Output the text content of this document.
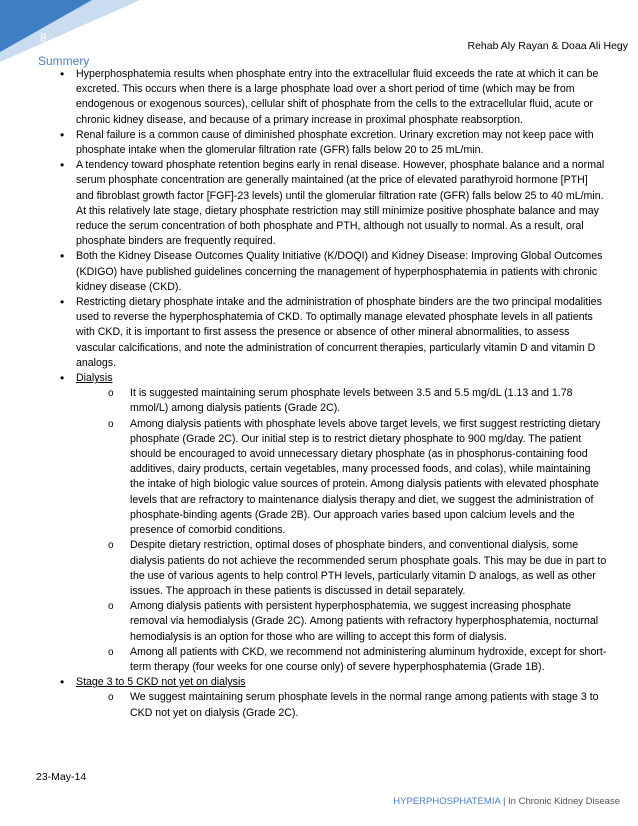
8
Rehab Aly Rayan & Doaa Ali Hegy
Summery
• Hyperphosphatemia results when phosphate entry into the extracellular fluid exceeds the rate at which it can be excreted. This occurs when there is a large phosphate load over a short period of time (which may be from endogenous or exogenous sources), cellular shift of phosphate from the cells to the extracellular fluid, acute or chronic kidney disease, and because of a primary increase in proximal phosphate reabsorption.
• Renal failure is a common cause of diminished phosphate excretion. Urinary excretion may not keep pace with phosphate intake when the glomerular filtration rate (GFR) falls below 20 to 25 mL/min.
• A tendency toward phosphate retention begins early in renal disease. However, phosphate balance and a normal serum phosphate concentration are generally maintained (at the price of elevated parathyroid hormone [PTH] and fibroblast growth factor [FGF]-23 levels) until the glomerular filtration rate (GFR) falls below 25 to 40 mL/min. At this relatively late stage, dietary phosphate restriction may still minimize positive phosphate balance and may reduce the serum concentration of both phosphate and PTH, although not usually to normal. As a result, oral phosphate binders are frequently required.
• Both the Kidney Disease Outcomes Quality Initiative (K/DOQI) and Kidney Disease: Improving Global Outcomes (KDIGO) have published guidelines concerning the management of hyperphosphatemia in patients with chronic kidney disease (CKD).
• Restricting dietary phosphate intake and the administration of phosphate binders are the two principal modalities used to reverse the hyperphosphatemia of CKD. To optimally manage elevated phosphate levels in all patients with CKD, it is important to first assess the presence or absence of other mineral abnormalities, to assess vascular calcifications, and note the administration of concurrent therapies, particularly vitamin D and vitamin D analogs.
• Dialysis
o It is suggested maintaining serum phosphate levels between 3.5 and 5.5 mg/dL (1.13 and 1.78 mmol/L) among dialysis patients (Grade 2C).
o Among dialysis patients with phosphate levels above target levels, we first suggest restricting dietary phosphate (Grade 2C). Our initial step is to restrict dietary phosphate to 900 mg/day. The patient should be encouraged to avoid unnecessary dietary phosphate (as in phosphorus-containing food additives, dairy products, certain vegetables, many processed foods, and colas), while maintaining the intake of high biologic value sources of protein. Among dialysis patients with elevated phosphate levels that are refractory to maintenance dialysis therapy and diet, we suggest the administration of phosphate-binding agents (Grade 2B). Our approach varies based upon calcium levels and the presence of comorbid conditions.
o Despite dietary restriction, optimal doses of phosphate binders, and conventional dialysis, some dialysis patients do not achieve the recommended serum phosphate goals. This may be due in part to the use of various agents to help control PTH levels, particularly vitamin D analogs, as well as other issues. The approach in these patients is discussed in detail separately.
o Among dialysis patients with persistent hyperphosphatemia, we suggest increasing phosphate removal via hemodialysis (Grade 2C). Among patients with refractory hyperphosphatemia, nocturnal hemodialysis is an option for those who are willing to accept this form of dialysis.
o Among all patients with CKD, we recommend not administering aluminum hydroxide, except for short-term therapy (four weeks for one course only) of severe hyperphosphatemia (Grade 1B).
• Stage 3 to 5 CKD not yet on dialysis
o We suggest maintaining serum phosphate levels in the normal range among patients with stage 3 to CKD not yet on dialysis (Grade 2C).
23-May-14
HYPERPHOSPHATEMIA | In Chronic Kidney Disease
